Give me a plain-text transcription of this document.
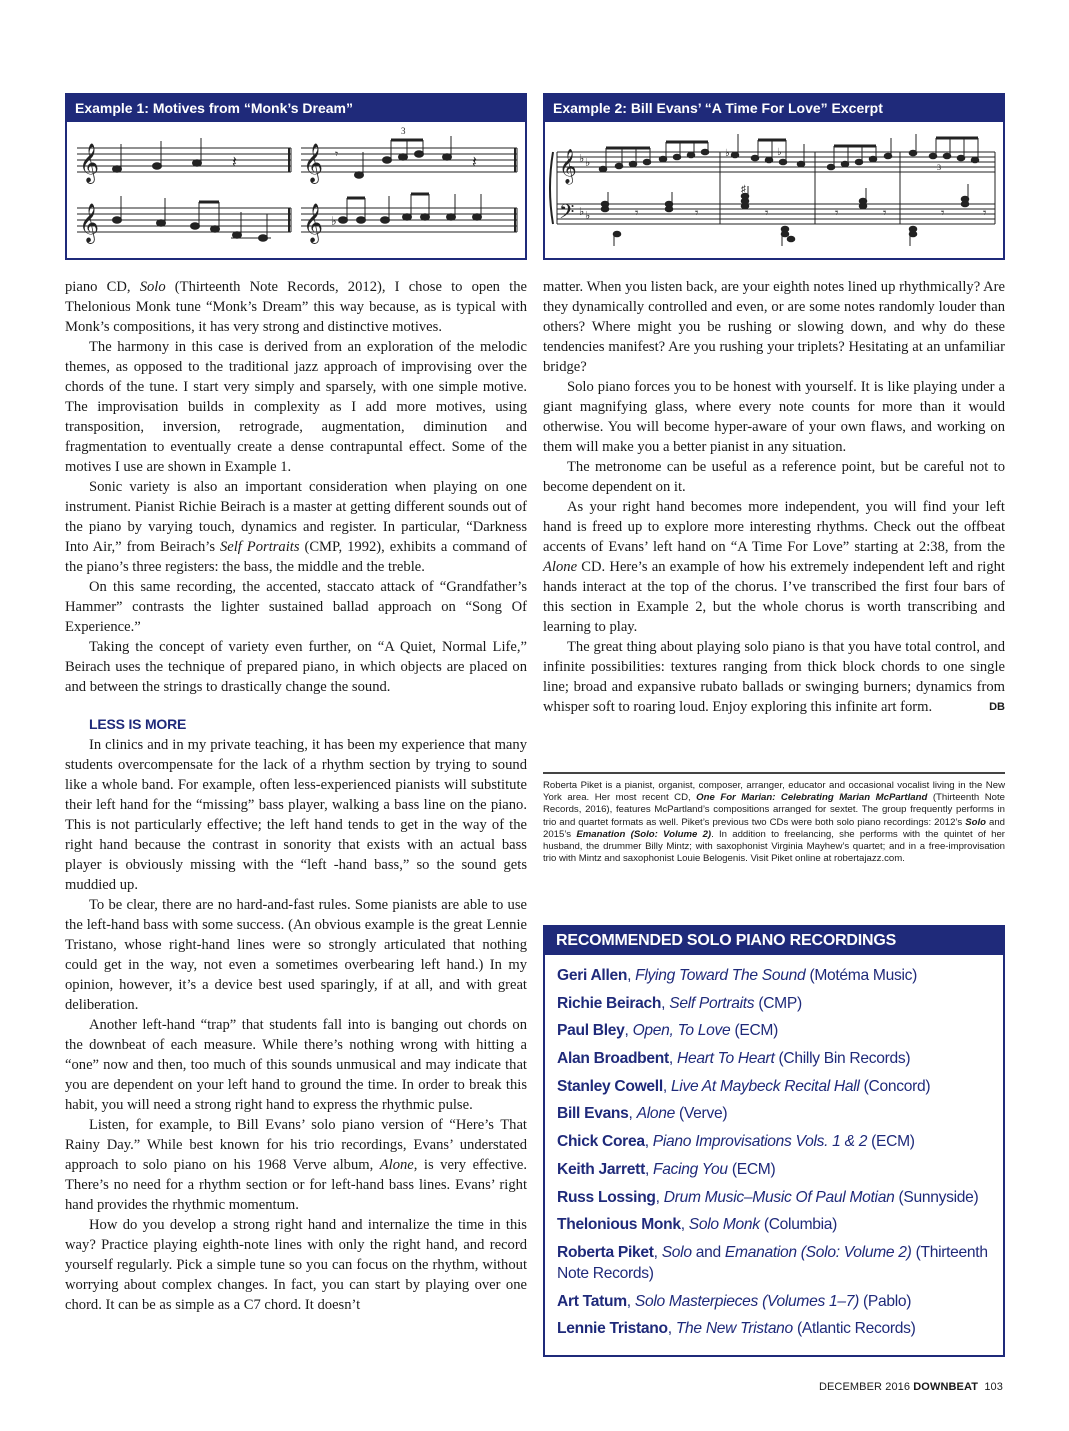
Example 1: Motives from “Monk’s Dream”
𝄞	𝄞
𝄞	𝄞
𝄽	𝄾
3
𝄽
♭
Example 2: Bill Evans’ “A Time For Love” Excerpt
𝄞
𝄢
♭ ♭
♭ ♭	𝄾	𝄾	𝄾	𝄾	𝄾	𝄾	𝄾
♭
♯
♭
3

piano CD, Solo (Thirteenth Note Records, 2012), I chose to open the Thelonious Monk tune “Monk’s Dream” this way because, as is typical with Monk’s compositions, it has very strong and distinctive motives.

The harmony in this case is derived from an exploration of the melodic themes, as opposed to the traditional jazz approach of improvising over the chords of the tune. I start very simply and sparsely, with one simple motive. The improvisation builds in complexity as I add more motives, using transposition, inversion, retrograde, augmentation, diminution and fragmentation to eventually create a dense contrapuntal effect. Some of the motives I use are shown in Example 1.

Sonic variety is also an important consideration when playing on one instrument. Pianist Richie Beirach is a master at getting different sounds out of the piano by varying touch, dynamics and register. In particular, “Darkness Into Air,” from Beirach’s Self Portraits (CMP, 1992), exhibits a command of the piano’s three registers: the bass, the middle and the treble.

On this same recording, the accented, staccato attack of “Grandfather’s Hammer” contrasts the lighter sustained ballad approach on “Song Of Experience.”

Taking the concept of variety even further, on “A Quiet, Normal Life,” Beirach uses the technique of prepared piano, in which objects are placed on and between the strings to drastically change the sound.

LESS IS MORE

In clinics and in my private teaching, it has been my experience that many students overcompensate for the lack of a rhythm section by trying to sound like a whole band. For example, often less-experienced pianists will substitute their left hand for the “missing” bass player, walking a bass line on the piano. This is not particularly effective; the left hand tends to get in the way of the right hand because the contrast in sonority that exists with an actual bass player is obviously missing with the “left -hand bass,” so the sound gets muddied up.

To be clear, there are no hard-and-fast rules. Some pianists are able to use the left-hand bass with some success. (An obvious example is the great Lennie Tristano, whose right-hand lines were so strongly articulated that nothing could get in the way, not even a sometimes overbearing left hand.) In my opinion, however, it’s a device best used sparingly, if at all, and with great deliberation.

Another left-hand “trap” that students fall into is banging out chords on the downbeat of each measure. While there’s nothing wrong with hitting a “one” now and then, too much of this sounds unmusical and may indicate that you are dependent on your left hand to ground the time. In order to break this habit, you will need a strong right hand to express the rhythmic pulse.

Listen, for example, to Bill Evans’ solo piano version of “Here’s That Rainy Day.” While best known for his trio recordings, Evans’ understated approach to solo piano on his 1968 Verve album, Alone, is very effective. There’s no need for a rhythm section or for left-hand bass lines. Evans’ right hand provides the rhythmic momentum.

How do you develop a strong right hand and internalize the time in this way? Practice playing eighth-note lines with only the right hand, and record yourself regularly. Pick a simple tune so you can focus on the rhythm, without worrying about complex changes. In fact, you can start by playing over one chord. It can be as simple as a C7 chord. It doesn’t

matter. When you listen back, are your eighth notes lined up rhythmically? Are they dynamically controlled and even, or are some notes randomly louder than others? Where might you be rushing or slowing down, and why do these tendencies manifest? Are you rushing your triplets? Hesitating at an unfamiliar bridge?

Solo piano forces you to be honest with yourself. It is like playing under a giant magnifying glass, where every note counts for more than it would otherwise. You will become hyper-aware of your own flaws, and working on them will make you a better pianist in any situation.

The metronome can be useful as a reference point, but be careful not to become dependent on it.

As your right hand becomes more independent, you will find your left hand is freed up to explore more interesting rhythms. Check out the offbeat accents of Evans’ left hand on “A Time For Love” starting at 2:38, from the Alone CD. Here’s an example of how his extremely independent left and right hands interact at the top of the chorus. I’ve transcribed the first four bars of this section in Example 2, but the whole chorus is worth transcribing and learning to play.

The great thing about playing solo piano is that you have total control, and infinite possibilities: textures ranging from thick block chords to one single line; broad and expansive rubato ballads or swinging burners; dynamics from whisper soft to roaring loud. Enjoy exploring this infinite art form.	DB

Roberta Piket is a pianist, organist, composer, arranger, educator and occasional vocalist living in the New York area. Her most recent CD, One For Marian: Celebrating Marian McPartland (Thirteenth Note Records, 2016), features McPartland’s compositions arranged for sextet. The group frequently performs in trio and quartet formats as well. Piket’s previous two CDs were both solo piano recordings: 2012’s Solo and 2015’s Emanation (Solo: Volume 2). In addition to freelancing, she performs with the quintet of her husband, the drummer Billy Mintz; with saxophonist Virginia Mayhew’s quartet; and in a free-improvisation trio with Mintz and saxophonist Louie Belogenis. Visit Piket online at robertajazz.com.
RECOMMENDED SOLO PIANO RECORDINGS
Geri Allen, Flying Toward The Sound (Motéma Music)
Richie Beirach, Self Portraits (CMP)
Paul Bley, Open, To Love (ECM)
Alan Broadbent, Heart To Heart (Chilly Bin Records)
Stanley Cowell, Live At Maybeck Recital Hall (Concord)
Bill Evans, Alone (Verve)
Chick Corea, Piano Improvisations Vols. 1 & 2 (ECM)
Keith Jarrett, Facing You (ECM)
Russ Lossing, Drum Music–Music Of Paul Motian (Sunnyside)
Thelonious Monk, Solo Monk (Columbia)
Roberta Piket, Solo and Emanation (Solo: Volume 2) (Thirteenth Note Records)
Art Tatum, Solo Masterpieces (Volumes 1–7) (Pablo)
Lennie Tristano, The New Tristano (Atlantic Records)
DECEMBER 2016 DOWNBEAT 103
